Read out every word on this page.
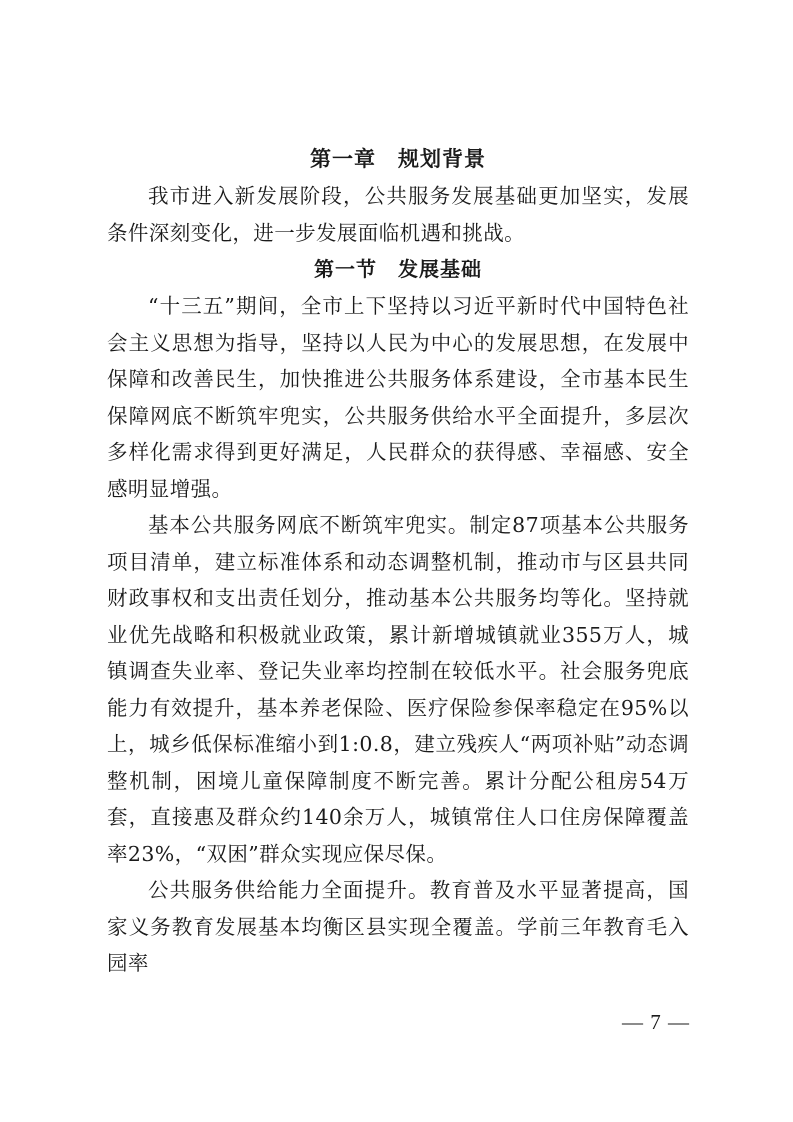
第一章　规划背景

我市进入新发展阶段，公共服务发展基础更加坚实，发展条件深刻变化，进一步发展面临机遇和挑战。

第一节　发展基础

“十三五”期间，全市上下坚持以习近平新时代中国特色社会主义思想为指导，坚持以人民为中心的发展思想，在发展中保障和改善民生，加快推进公共服务体系建设，全市基本民生保障网底不断筑牢兜实，公共服务供给水平全面提升，多层次多样化需求得到更好满足，人民群众的获得感、幸福感、安全感明显增强。

基本公共服务网底不断筑牢兜实。制定87项基本公共服务项目清单，建立标准体系和动态调整机制，推动市与区县共同财政事权和支出责任划分，推动基本公共服务均等化。坚持就业优先战略和积极就业政策，累计新增城镇就业355万人，城镇调查失业率、登记失业率均控制在较低水平。社会服务兜底能力有效提升，基本养老保险、医疗保险参保率稳定在95%以上，城乡低保标准缩小到1:0.8，建立残疾人“两项补贴”动态调整机制，困境儿童保障制度不断完善。累计分配公租房54万套，直接惠及群众约140余万人，城镇常住人口住房保障覆盖率23%，“双困”群众实现应保尽保。

公共服务供给能力全面提升。教育普及水平显著提高，国家义务教育发展基本均衡区县实现全覆盖。学前三年教育毛入园率

— 7 —
